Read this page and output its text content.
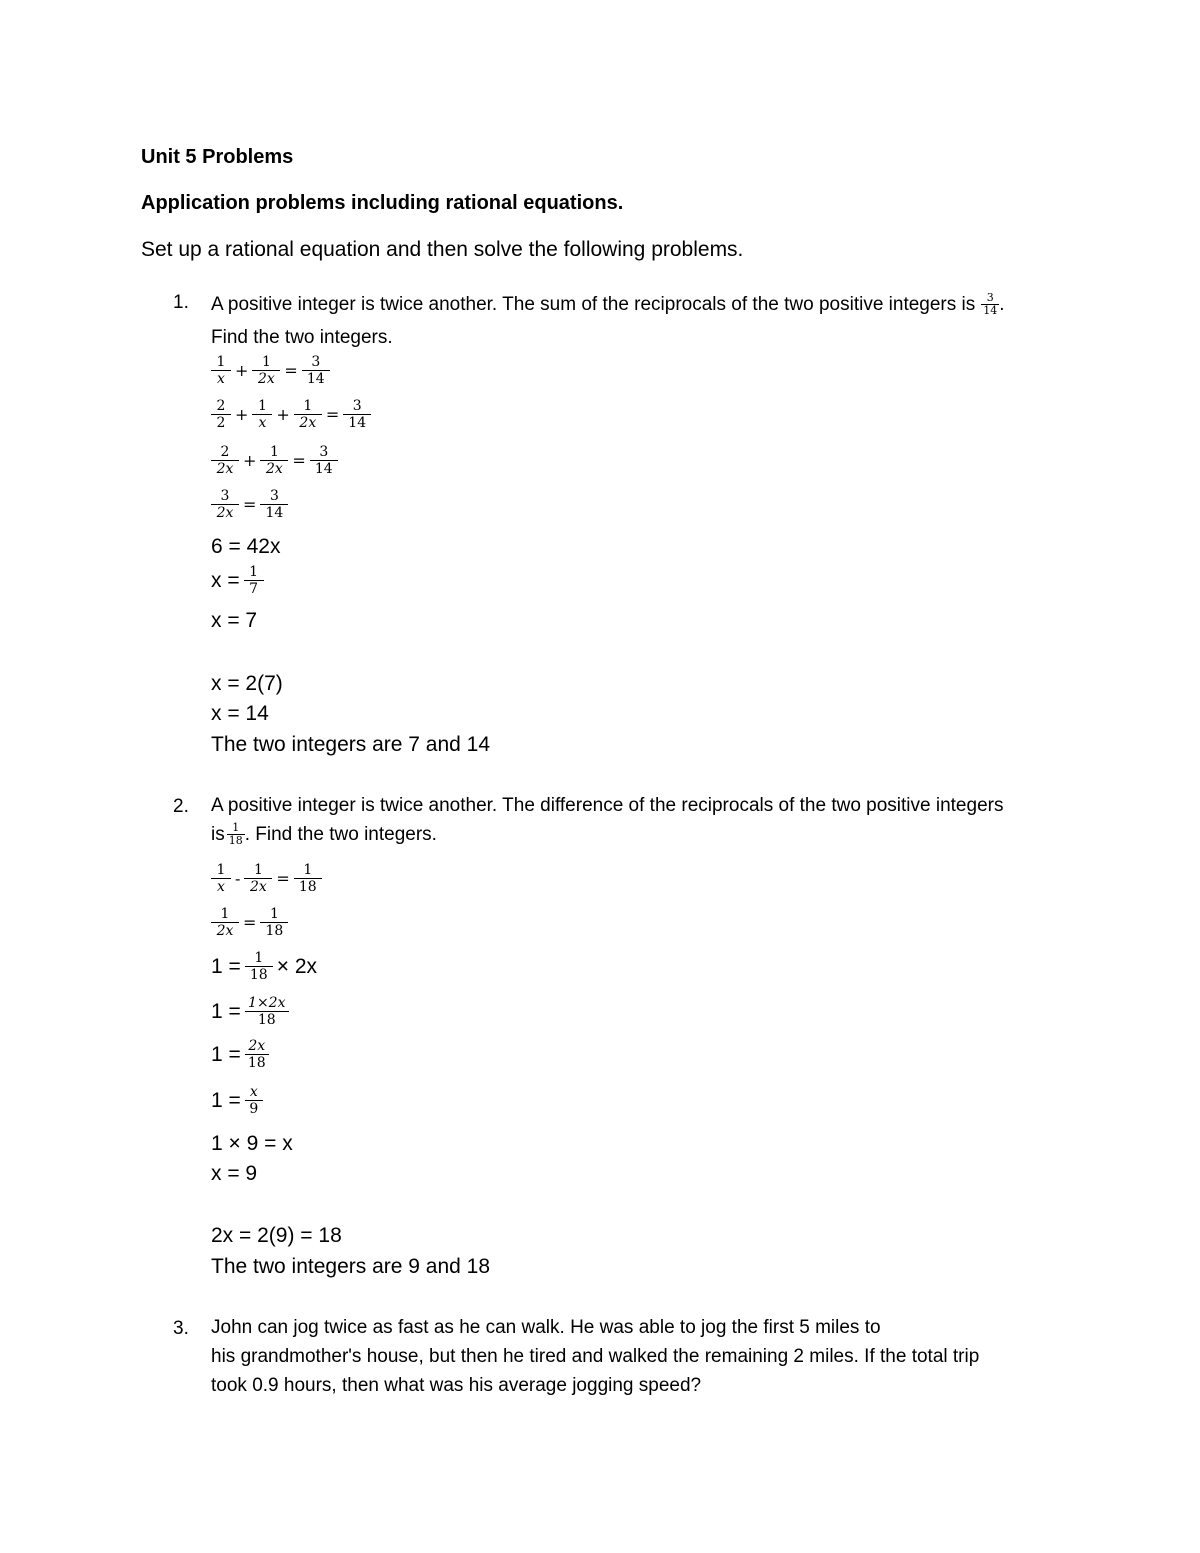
Unit 5 Problems
Application problems including rational equations.
Set up a rational equation and then solve the following problems.
1. A positive integer is twice another. The sum of the reciprocals of the two positive integers is $\frac{3}{14}$ .
Find the two integers.
$\frac{1}{x} + \frac{1}{2x} = \frac{3}{14}$
$\frac{2}{2} + \frac{1}{x} + \frac{1}{2x} = \frac{3}{14}$
$\frac{2}{2x} + \frac{1}{2x} = \frac{3}{14}$
$\frac{3}{2x} = \frac{3}{14}$
6 = 42x
$x = \frac{1}{7}$
x = 7
x = 2(7)
x = 14
The two integers are 7 and 14
2. A positive integer is twice another. The difference of the reciprocals of the two positive integers
is $\frac{1}{18}$ . Find the two integers.
$\frac{1}{x} - \frac{1}{2x} = \frac{1}{18}$
$\frac{1}{2x} = \frac{1}{18}$
$1 = \frac{1}{18} \times 2x$
$1 = \frac{1\times 2x}{18}$
$1 = \frac{2x}{18}$
$1 = \frac{x}{9}$
1 × 9 = x
x = 9
2x = 2(9) = 18
The two integers are 9 and 18
3. John can jog twice as fast as he can walk. He was able to jog the first 5 miles to
his grandmother's house, but then he tired and walked the remaining 2 miles. If the total trip
took 0.9 hours, then what was his average jogging speed?
